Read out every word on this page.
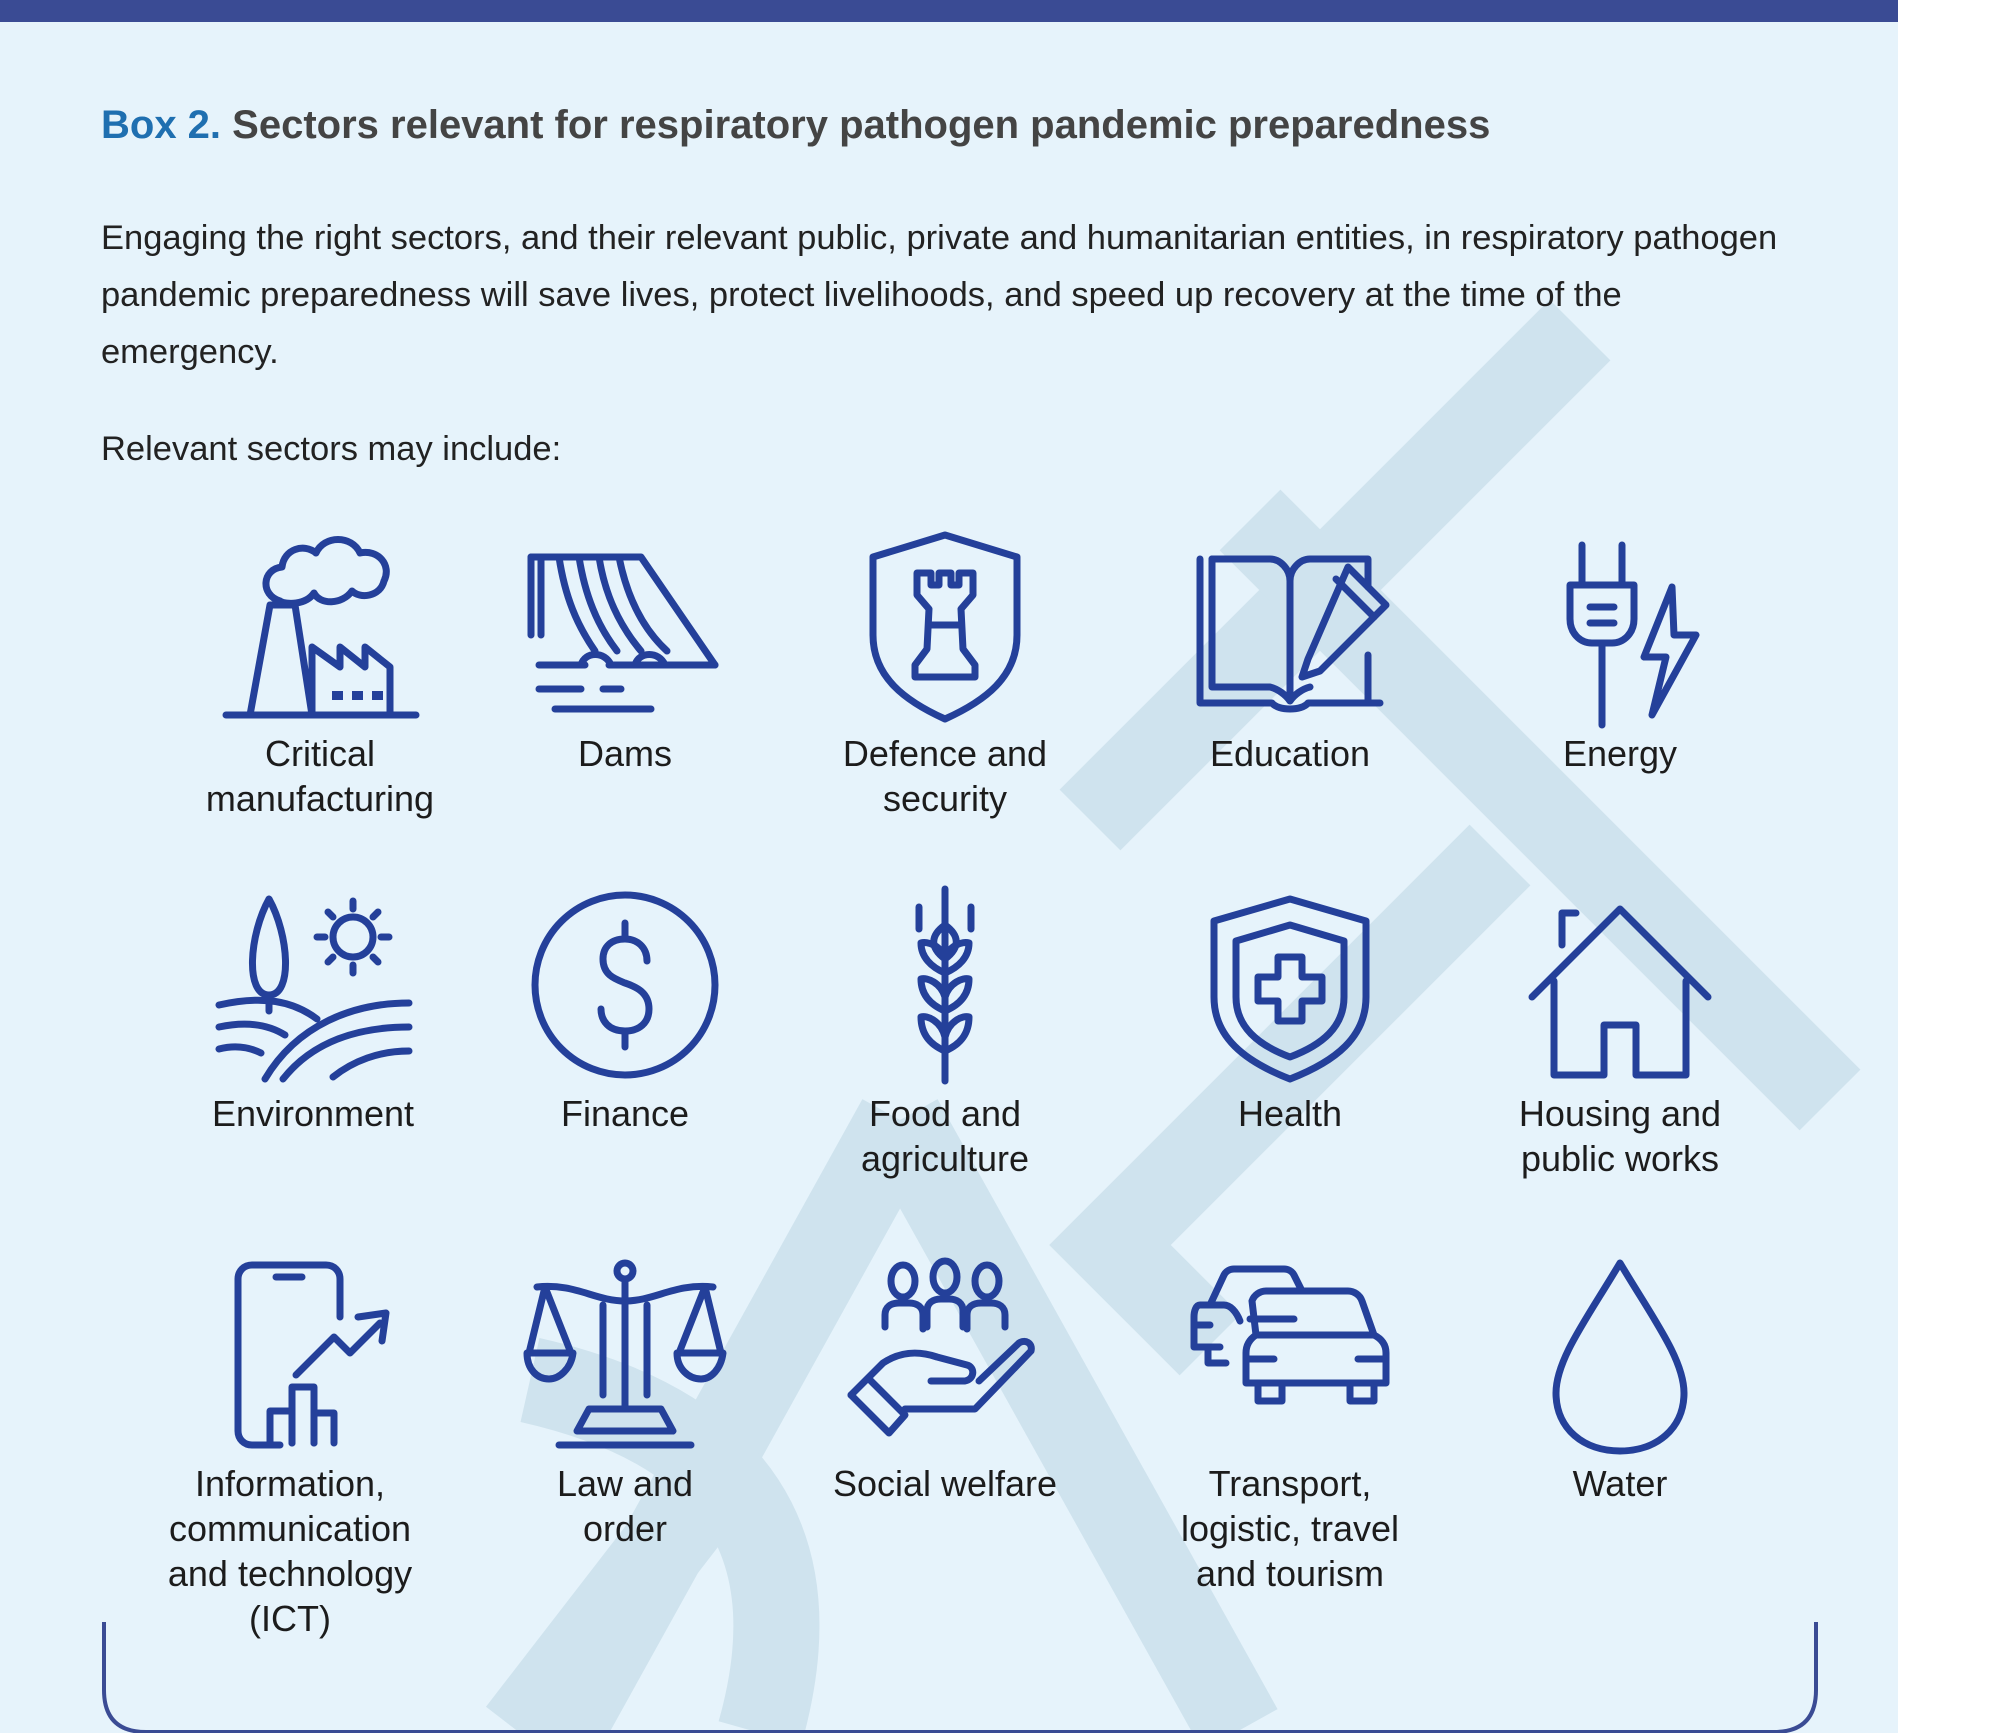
Box 2. Sectors relevant for respiratory pathogen pandemic preparedness

Engaging the right sectors, and their relevant public, private and humanitarian entities, in respiratory pathogen pandemic preparedness will save lives, protect livelihoods, and speed up recovery at the time of the emergency.

Relevant sectors may include:

Critical
manufacturing
Dams	Defence and
security
Education	Energy
Environment	Finance	Food and
agriculture
Health	Housing and
public works
Information,
communication
and technology
(ICT)
Law and
order
Social welfare	Transport,
logistic, travel
and tourism
Water
